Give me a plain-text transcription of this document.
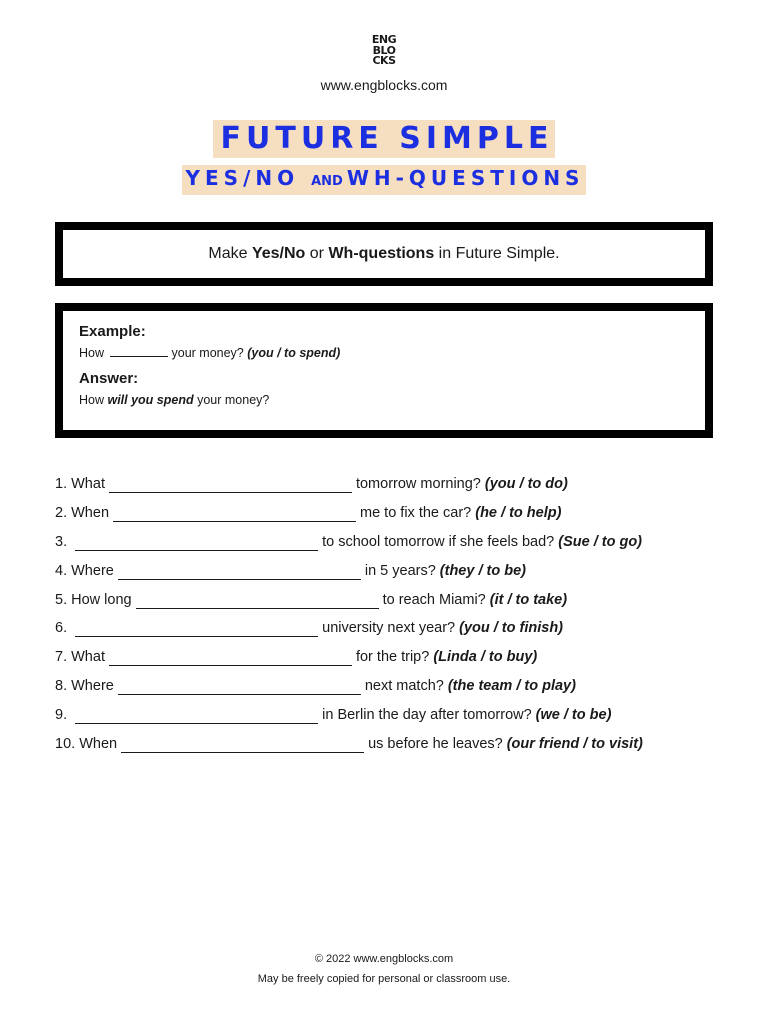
ENG
BLO
CKS
www.engblocks.com
FUTURE SIMPLE
YES/NO AND WH-QUESTIONS
Make Yes/No or Wh-questions in Future Simple.

Example:

How	your money? (you / to spend)

Answer:

How will you spend your money?

1.
What	tomorrow morning? (you / to do)
2.
When	me to fix the car? (he / to help)
3.
	to school tomorrow if she feels bad? (Sue / to go)
4.
Where	in 5 years? (they / to be)
5.
How long	to reach Miami? (it / to take)
6.
	university next year? (you / to finish)
7.
What	for the trip? (Linda / to buy)
8.
Where	next match? (the team / to play)
9.
	in Berlin the day after tomorrow? (we / to be)
10.
When	us before he leaves? (our friend / to visit)
© 2022 www.engblocks.com
May be freely copied for personal or classroom use.
